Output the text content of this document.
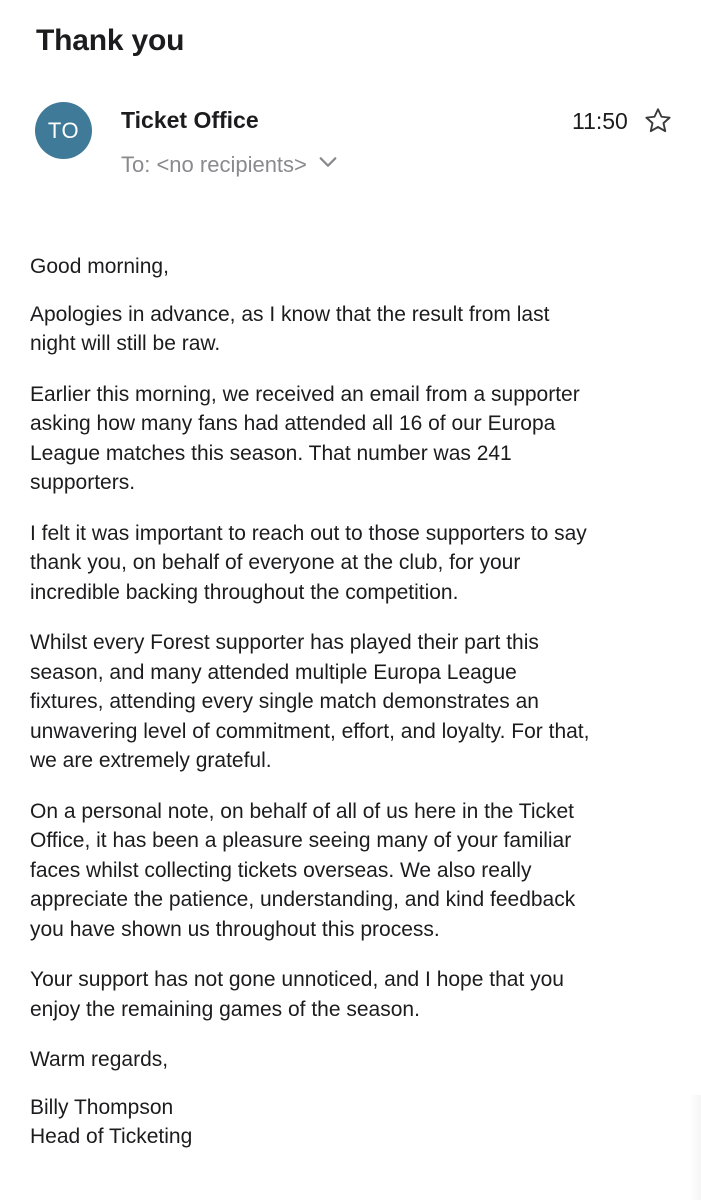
Thank you
TO	Ticket Office	11:50
To: <no recipients>

Good morning,

Apologies in advance, as I know that the result from last night will still be raw.

Earlier this morning, we received an email from a supporter asking how many fans had attended all 16 of our Europa League matches this season. That number was 241 supporters.

I felt it was important to reach out to those supporters to say thank you, on behalf of everyone at the club, for your incredible backing throughout the competition.

Whilst every Forest supporter has played their part this season, and many attended multiple Europa League fixtures, attending every single match demonstrates an unwavering level of commitment, effort, and loyalty. For that, we are extremely grateful.

On a personal note, on behalf of all of us here in the Ticket Office, it has been a pleasure seeing many of your familiar faces whilst collecting tickets overseas. We also really appreciate the patience, understanding, and kind feedback you have shown us throughout this process.

Your support has not gone unnoticed, and I hope that you enjoy the remaining games of the season.

Warm regards,

Billy Thompson
Head of Ticketing
